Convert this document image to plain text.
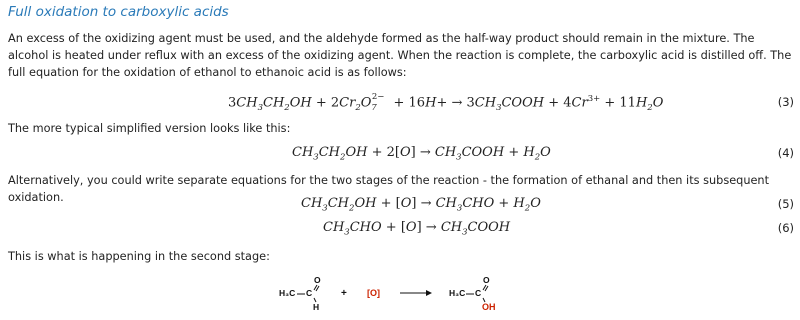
Full oxidation to carboxylic acids
An excess of the oxidizing agent must be used, and the aldehyde formed as the half-way product should remain in the mixture. The alcohol is heated under reflux with an excess of the oxidizing agent. When the reaction is complete, the carboxylic acid is distilled off. The full equation for the oxidation of ethanol to ethanoic acid is as follows:
$3CH_3CH_2OH + 2Cr_2O_7^{2-} + 16H+$ → $3CH_3COOH + 4Cr^{3+} + 11H_2O$	(3)
The more typical simplified version looks like this:
$CH_3CH_2OH + 2[O]$ → $CH_3COOH + H_2O$	(4)
Alternatively, you could write separate equations for the two stages of the reaction - the formation of ethanal and then its subsequent oxidation.	$CH_3CH_2OH + [O] \to CH_3CHO + H_2O$	(5)
$CH_3CHO + [O]$ → $CH_3COOH$	(6)
This is what is happening in the second stage:
O
H₃C C
H
+ [O] →
O
H₃C C
OH
